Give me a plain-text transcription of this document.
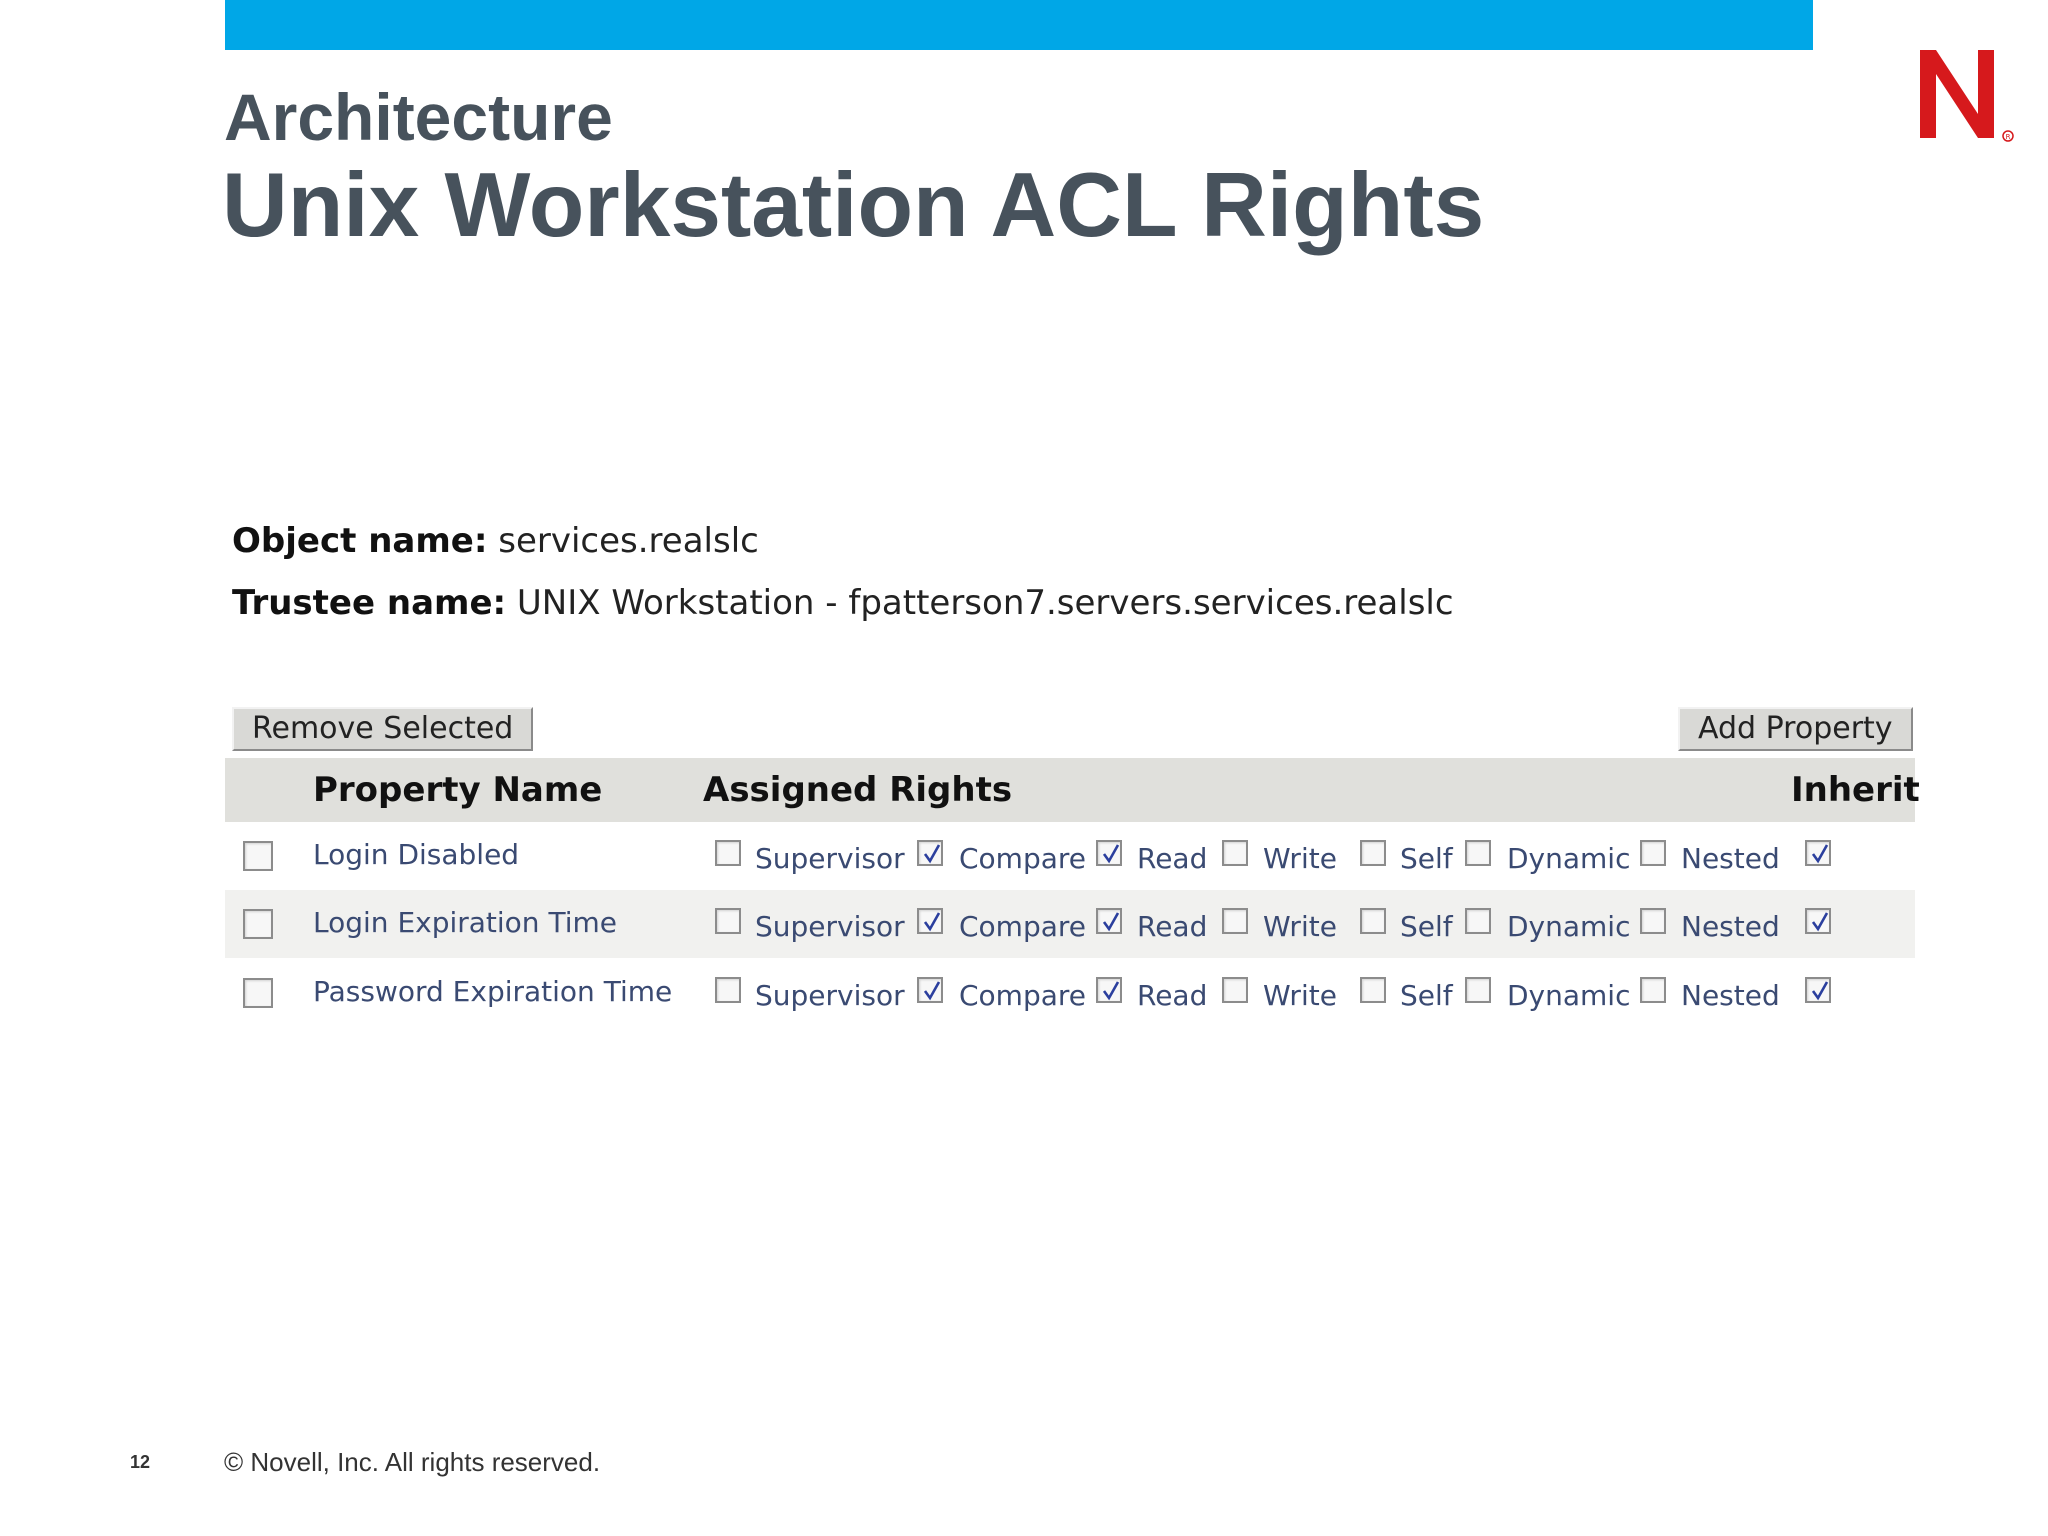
R
Architecture
Unix Workstation ACL Rights
Object name: services.realslc
Trustee name: UNIX Workstation - fpatterson7.servers.services.realslc
Remove Selected	Add Property
Property Name	Assigned Rights	Inherit
Login Disabled	Supervisor Compare Read Write Self Dynamic Nested
Login Expiration Time	Supervisor Compare Read Write Self Dynamic Nested
Password Expiration Time	Supervisor Compare Read Write Self Dynamic Nested
12	© Novell, Inc. All rights reserved.
